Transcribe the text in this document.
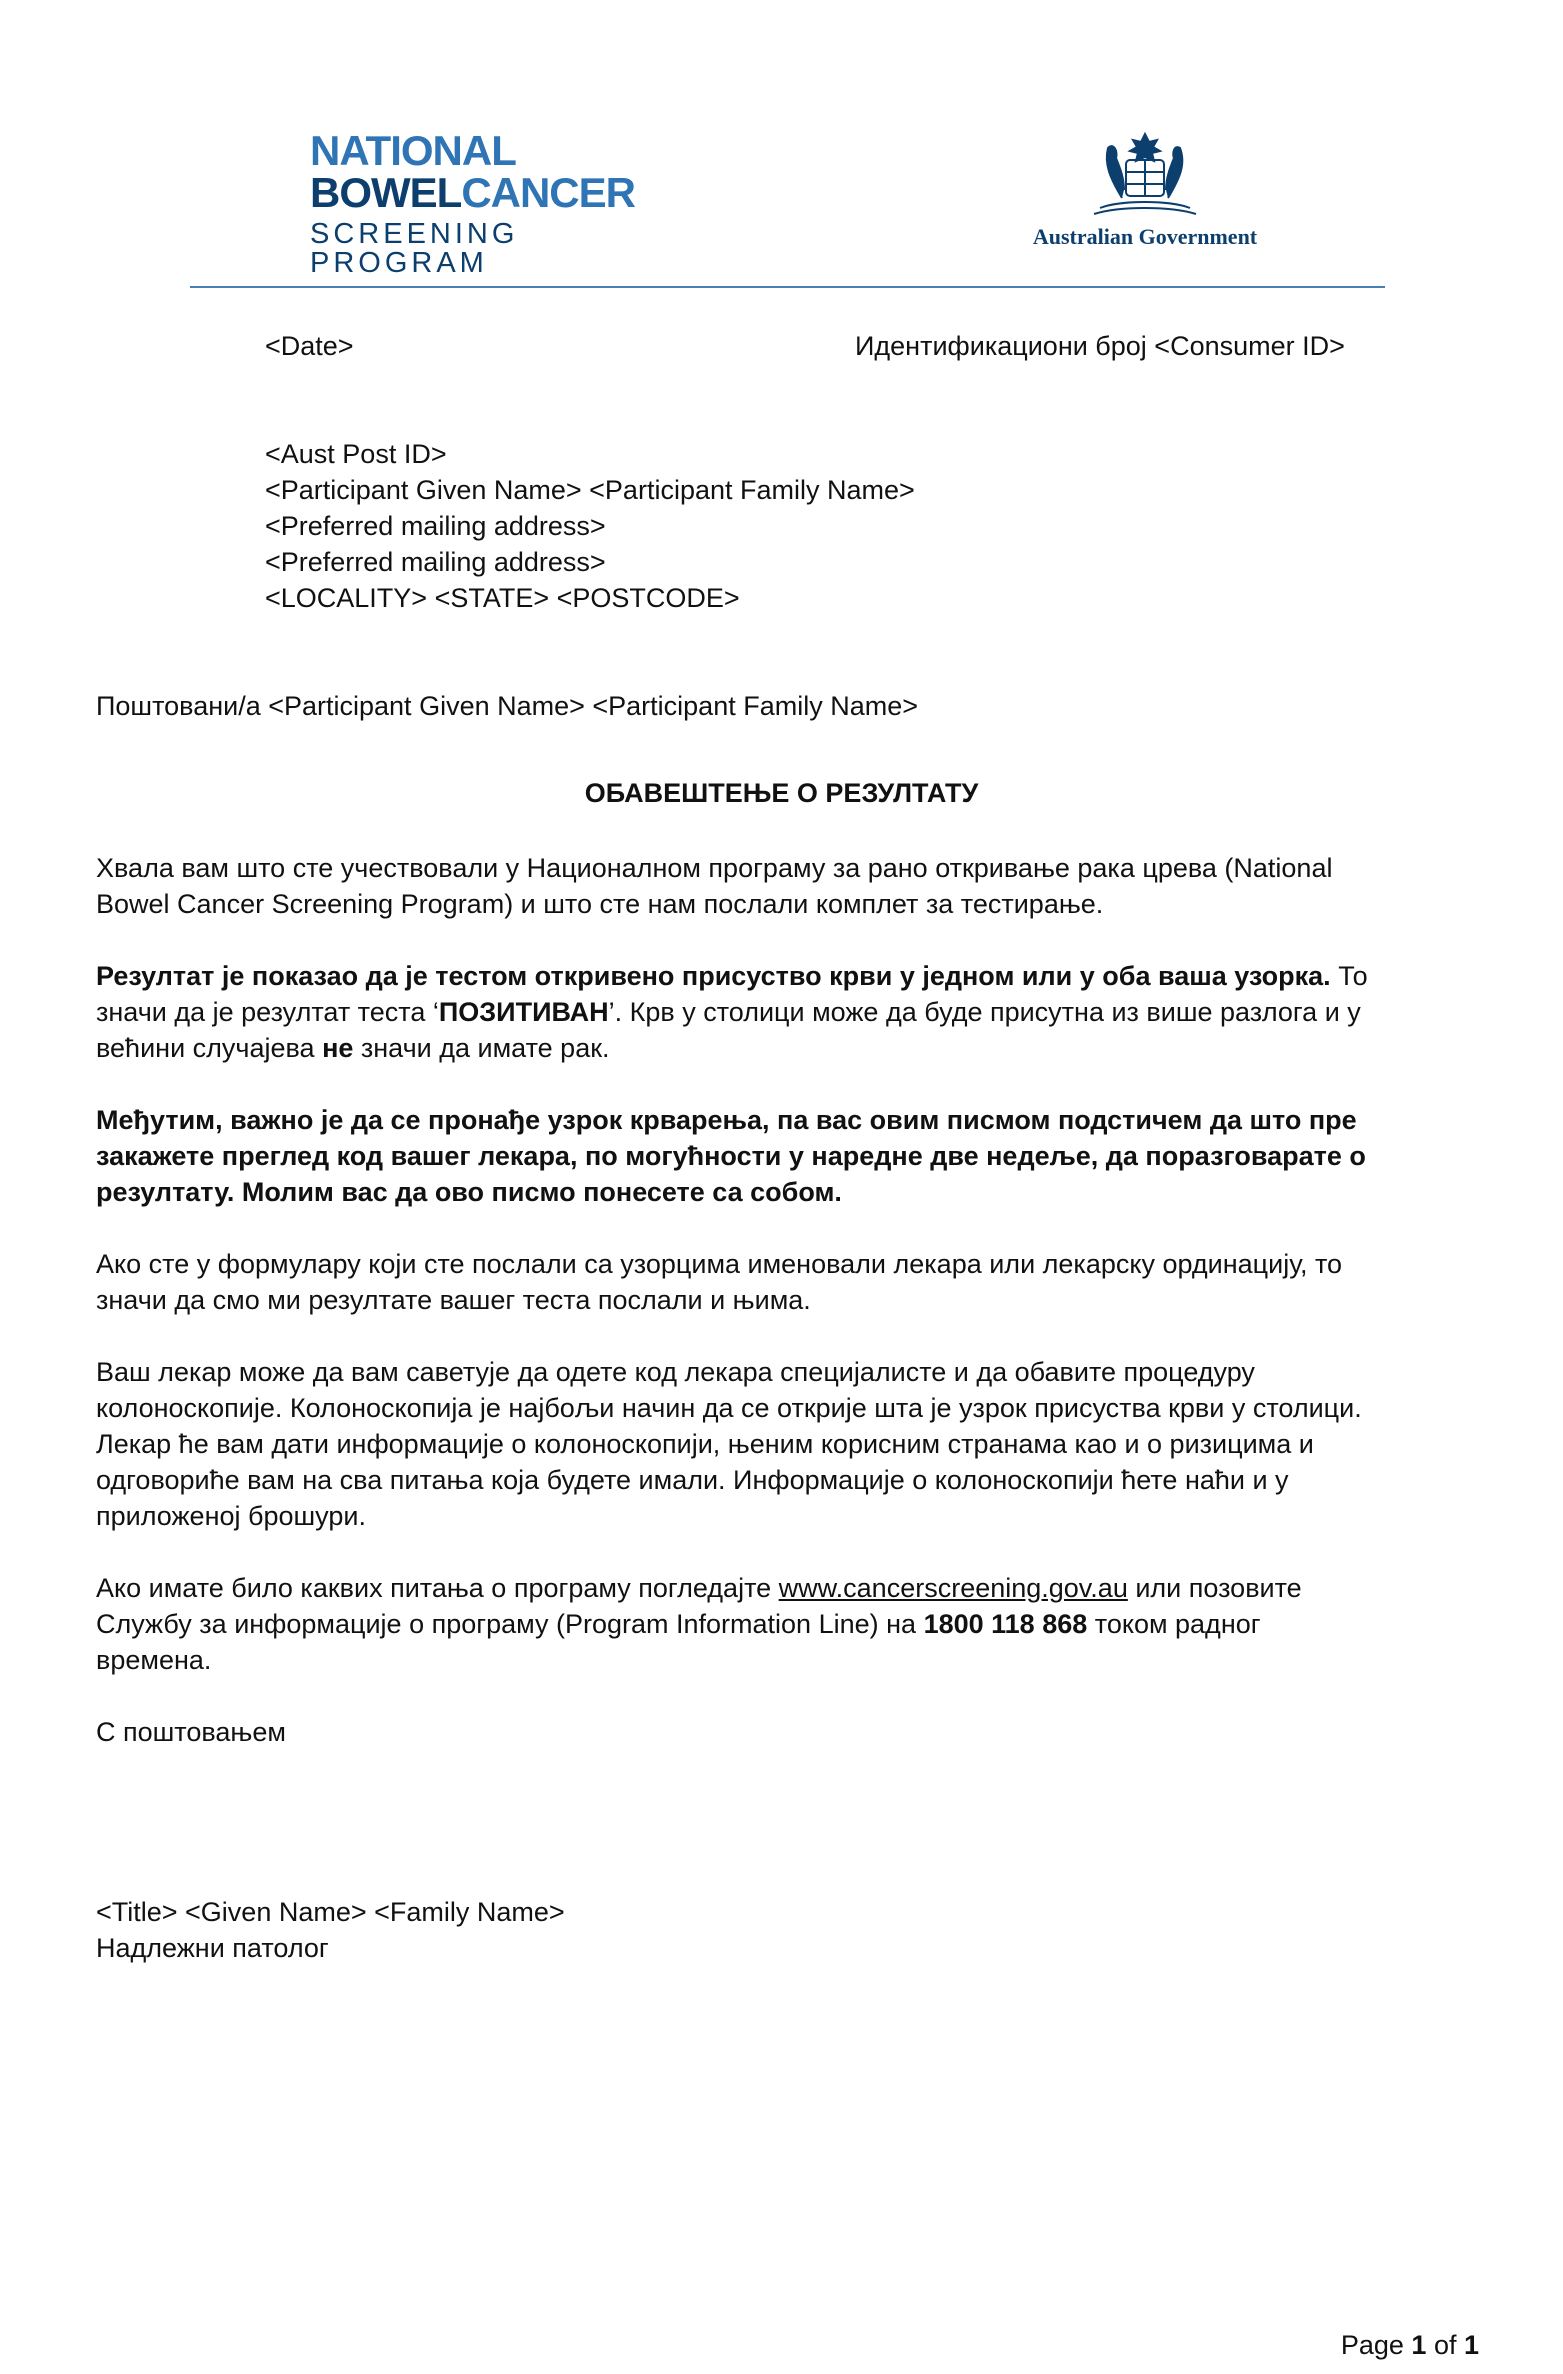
NATIONAL
BOWELCANCER
SCREENING PROGRAM
Australian Government
<Date>	Идентификациони број <Consumer ID>
<Aust Post ID>
<Participant Given Name> <Participant Family Name>
<Preferred mailing address>
<Preferred mailing address>
<LOCALITY> <STATE> <POSTCODE>
Поштовани/а <Participant Given Name> <Participant Family Name>
ОБАВЕШТЕЊЕ О РЕЗУЛТАТУ
Хвала вам што сте учествовали у Националном програму за рано откривање рака црева (National
Bowel Cancer Screening Program) и што сте нам послали комплет за тестирање.
Резултат је показао да је тестом откривено присуство крви у једном или у оба ваша узорка. То
значи да је резултат теста ‘ПОЗИТИВАН’. Крв у столици може да буде присутна из више разлога и у
већини случајева не значи да имате рак.
Међутим, важно је да се пронађе узрок крварења, па вас овим писмом подстичем да што пре
закажете преглед код вашег лекара, по могућности у наредне две недеље, да поразговарате о
резултату. Молим вас да ово писмо понесете са собом.
Ако сте у формулару који сте послали са узорцима именовали лекара или лекарску ординацију, то
значи да смо ми резултате вашег теста послали и њима.
Ваш лекар може да вам саветује да одете код лекара специјалисте и да обавите процедуру
колоноскопије. Колоноскопија је најбољи начин да се открије шта је узрок присуства крви у столици.
Лекар ће вам дати информације о колоноскопији, њеним корисним странама као и о ризицима и
одговориће вам на сва питања која будете имали. Информације о колоноскопији ћете наћи и у
приложеној брошури.
Ако имате било каквих питања о програму погледајте www.cancerscreening.gov.au или позовите
Службу за информације о програму (Program Information Line) на 1800 118 868 током радног
времена.
С поштовањем
<Title> <Given Name> <Family Name>
Надлежни патолог
Page 1 of 1
